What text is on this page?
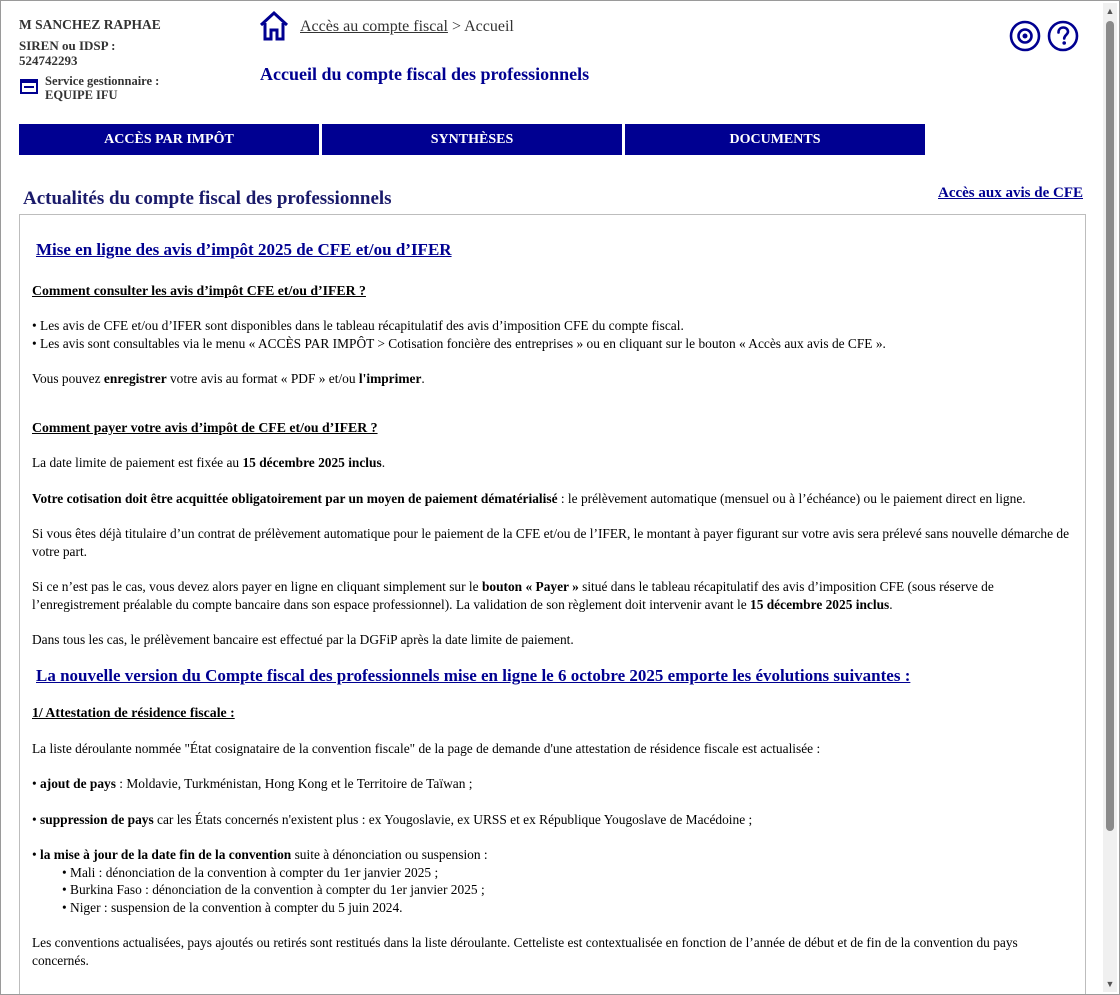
M SANCHEZ RAPHAE
SIREN ou IDSP :
524742293
Service gestionnaire :
EQUIPE IFU
Accès au compte fiscal > Accueil
Accueil du compte fiscal des professionnels
ACCÈS PAR IMPÔT	SYNTHÈSES	DOCUMENTS
Actualités du compte fiscal des professionnels	Accès aux avis de CFE
Mise en ligne des avis d’impôt 2025 de CFE et/ou d’IFER
Comment consulter les avis d’impôt CFE et/ou d’IFER ?

• Les avis de CFE et/ou d’IFER sont disponibles dans le tableau récapitulatif des avis d’imposition CFE du compte fiscal.

• Les avis sont consultables via le menu « ACCÈS PAR IMPÔT > Cotisation foncière des entreprises » ou en cliquant sur le bouton « Accès aux avis de CFE ».

Vous pouvez enregistrer votre avis au format « PDF » et/ou l'imprimer.

Comment payer votre avis d’impôt de CFE et/ou d’IFER ?

La date limite de paiement est fixée au 15 décembre 2025 inclus.

Votre cotisation doit être acquittée obligatoirement par un moyen de paiement dématérialisé : le prélèvement automatique (mensuel ou à l’échéance) ou le paiement direct en ligne.

Si vous êtes déjà titulaire d’un contrat de prélèvement automatique pour le paiement de la CFE et/ou de l’IFER, le montant à payer figurant sur votre avis sera prélevé sans nouvelle démarche de votre part.

Si ce n’est pas le cas, vous devez alors payer en ligne en cliquant simplement sur le bouton « Payer » situé dans le tableau récapitulatif des avis d’imposition CFE (sous réserve de l’enregistrement préalable du compte bancaire dans son espace professionnel). La validation de son règlement doit intervenir avant le 15 décembre 2025 inclus.

Dans tous les cas, le prélèvement bancaire est effectué par la DGFiP après la date limite de paiement.

La nouvelle version du Compte fiscal des professionnels mise en ligne le 6 octobre 2025 emporte les évolutions suivantes :
1/ Attestation de résidence fiscale :

La liste déroulante nommée "État cosignataire de la convention fiscale" de la page de demande d'une attestation de résidence fiscale est actualisée :

• ajout de pays : Moldavie, Turkménistan, Hong Kong et le Territoire de Taïwan ;

• suppression de pays car les États concernés n'existent plus : ex Yougoslavie, ex URSS et ex République Yougoslave de Macédoine ;

• la mise à jour de la date fin de la convention suite à dénonciation ou suspension :

• Mali : dénonciation de la convention à compter du 1er janvier 2025 ;

• Burkina Faso : dénonciation de la convention à compter du 1er janvier 2025 ;

• Niger : suspension de la convention à compter du 5 juin 2024.

Les conventions actualisées, pays ajoutés ou retirés sont restitués dans la liste déroulante. Cetteliste est contextualisée en fonction de l’année de début et de fin de la convention du pays concernés.

▲
▼
